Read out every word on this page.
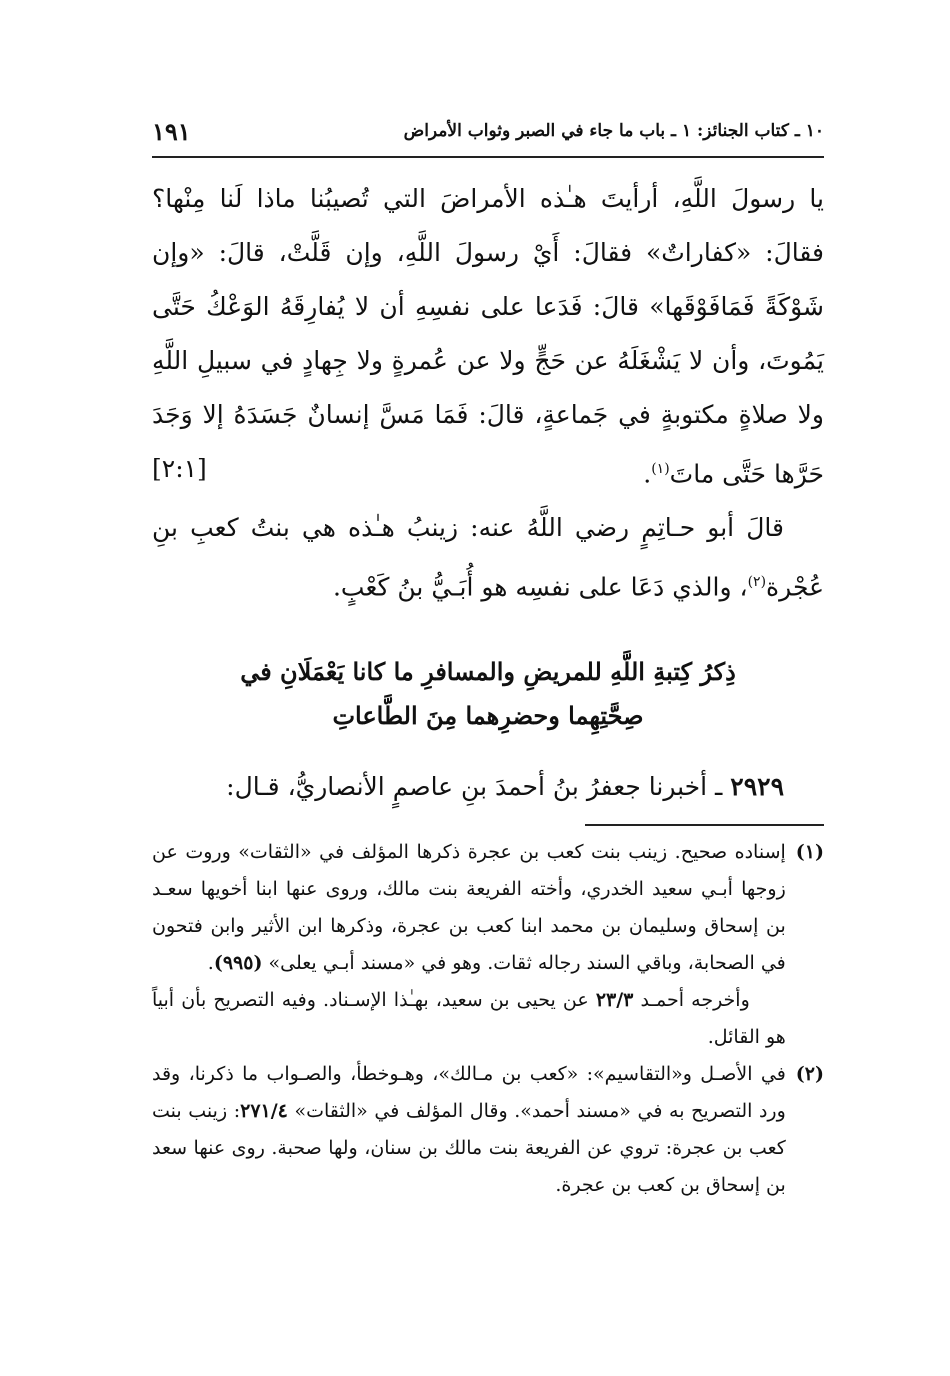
١٠ ـ كتاب الجنائز: ١ ـ باب ما جاء في الصبر وثواب الأمراض
١٩١

يا رسولَ اللَّهِ، أرأيتَ هـٰذه الأمراضَ التي تُصيبُنا ماذا لَنا مِنْها؟ فقالَ: «كفاراتٌ» فقالَ: أَيْ رسولَ اللَّهِ، وإن قَلَّتْ، قالَ: «وإن شَوْكَةً فَمَافَوْقَها» قالَ: فَدَعا على نفسِهِ أن لا يُفارِقَهُ الوَعْكُ حَتَّى يَمُوتَ، وأن لا يَشْغَلَهُ عن حَجٍّ ولا عن عُمرةٍ ولا جِهادٍ في سبيلِ اللَّهِ ولا صلاةٍ مكتوبةٍ في جَماعةٍ، قالَ: فَمَا مَسَّ إنسانٌ جَسَدَهُ إلا وَجَدَ حَرَّها حَتَّى ماتَ$^{(١)}$.
[٢:١]

قالَ أبو حـاتِمٍ رضي اللَّهُ عنه: زينبُ هـٰذه هي بنتُ كعبِ بنِ عُجْرة$^{(٢)}$، والذي دَعَا على نفسِه هو أُبَـيُّ بنُ كَعْبٍ.

ذِكرُ كِتبةِ اللَّهِ للمريضِ والمسافرِ ما كانا يَعْمَلَانِ في
صِحَّتِهِما وحضرِهما مِنَ الطَّاعاتِ
٢٩٢٩ ـ أخبرنا جعفرُ بنُ أحمدَ بنِ عاصمٍ الأنصاريُّ، قـال:
(١)

إسناده صحيح. زينب بنت كعب بن عجرة ذكرها المؤلف في «الثقات» وروت عن زوجها أبـي سعيد الخدري، وأخته الفريعة بنت مالك، وروى عنها ابنا أخويها سعـد بن إسحاق وسليمان بن محمد ابنا كعب بن عجرة، وذكرها ابن الأثير وابن فتحون في الصحابة، وباقي السند رجاله ثقات. وهو في «مسند أبـي يعلى» (٩٩٥).

وأخرجه أحمـد ٢٣/٣ عن يحيى بن سعيد، بهـٰذا الإسـناد. وفيه التصريح بأن أبياً هو القائل.

(٢)

في الأصـل و«التقاسيم»: «كعب بن مـالك»، وهـوخطأ، والصـواب ما ذكرنا، وقد ورد التصريح به في «مسند أحمد». وقال المؤلف في «الثقات» ٢٧١/٤: زينب بنت كعب بن عجرة: تروي عن الفريعة بنت مالك بن سنان، ولها صحبة. روى عنها سعد بن إسحاق بن كعب بن عجرة.
